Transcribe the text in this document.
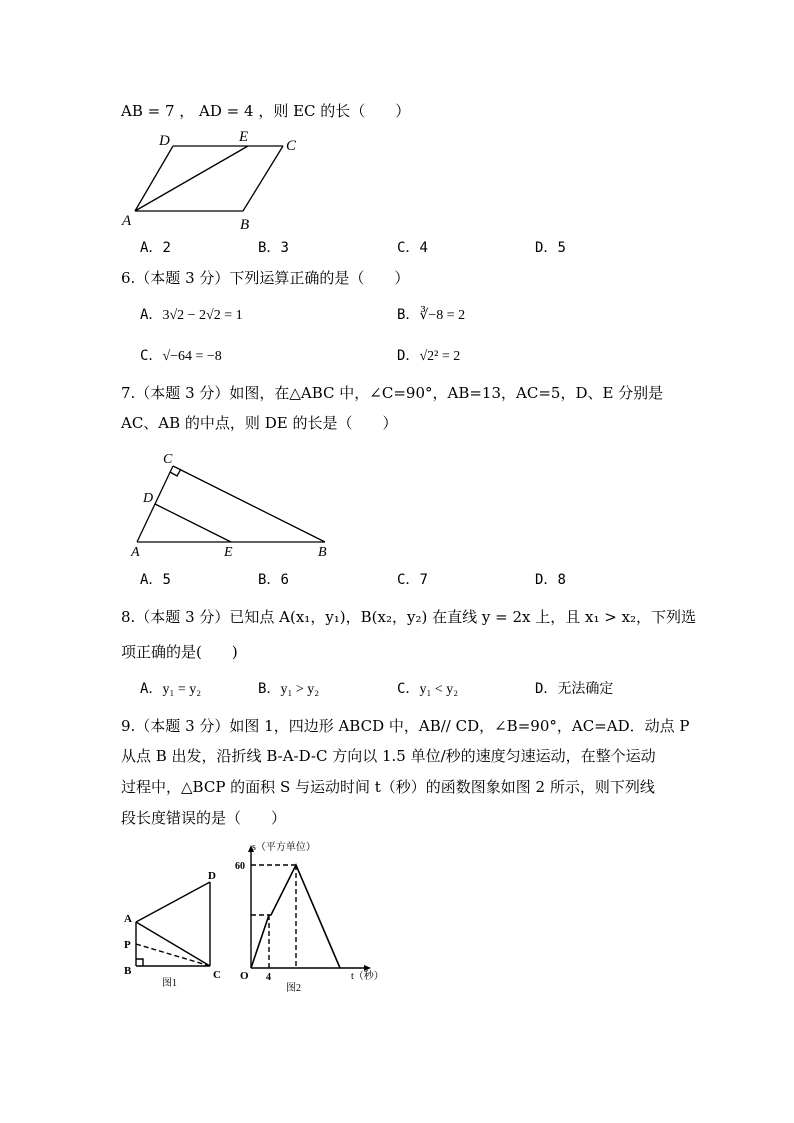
AB = 7 ， AD = 4 ，则 EC 的长（　　）
D	E
C
A	B
A．2	B．3	C．4	D．5
6.（本题 3 分）下列运算正确的是（　　）
A．3√2 − 2√2 = 1	B．∛−8 = 2
C．√−64 = −8	D．√2² = 2
7.（本题 3 分）如图，在△ABC 中，∠C=90°，AB=13，AC=5，D、E 分别是
AC、AB 的中点，则 DE 的长是（　　）
C
D
A	E	B
A．5	B．6	C．7	D．8
8.（本题 3 分）已知点 A(x₁，y₁)，B(x₂，y₂) 在直线 y = 2x 上，且 x₁ > x₂，下列选
项正确的是(　　)
A．y₁ = y₂	B．y₁ > y₂	C．y₁ < y₂	D．无法确定
9.（本题 3 分）如图 1，四边形 ABCD 中，AB// CD，∠B=90°，AC=AD．动点 P
从点 B 出发，沿折线 B-A-D-C 方向以 1.5 单位/秒的速度匀速运动，在整个运动
过程中，△BCP 的面积 S 与运动时间 t（秒）的函数图象如图 2 所示，则下列线
段长度错误的是（　　）
D
A
P
B	C
图1
s（平方单位）
60
O 4	t（秒）
图2
